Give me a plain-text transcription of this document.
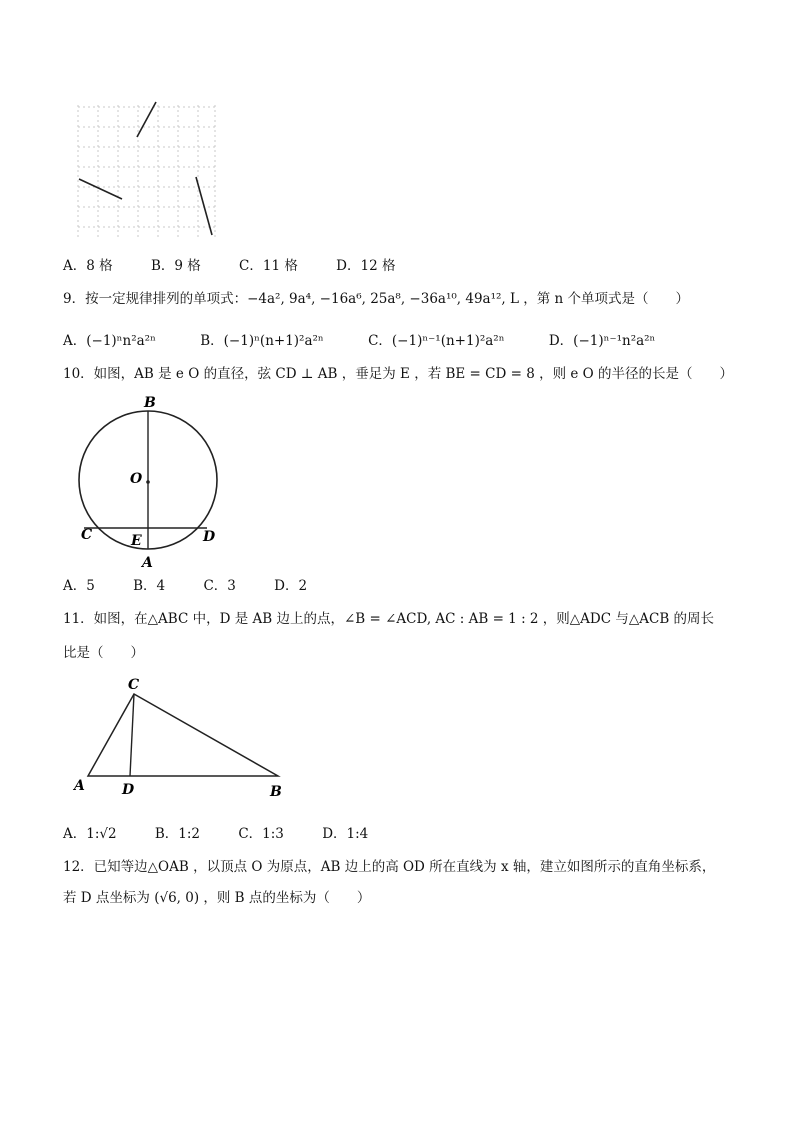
A．8 格	B．9 格	C．11 格	D．12 格
9．按一定规律排列的单项式：−4a², 9a⁴, −16a⁶, 25a⁸, −36a¹⁰, 49a¹², L ，第 n 个单项式是（　　）
A．(−1)ⁿn²a²ⁿ	B．(−1)ⁿ(n+1)²a²ⁿ	C．(−1)ⁿ⁻¹(n+1)²a²ⁿ	D．(−1)ⁿ⁻¹n²a²ⁿ
10．如图，AB 是 e O 的直径，弦 CD ⊥ AB ，垂足为 E ，若 BE = CD = 8 ，则 e O 的半径的长是（　　）
B
O
C	E	D
A
A．5	B．4	C．3	D．2
11．如图，在△ABC 中，D 是 AB 边上的点，∠B = ∠ACD, AC : AB = 1 : 2 ，则△ADC 与△ACB 的周长
比是（　　）
C
A	D	B
A．1:√2	B．1:2	C．1:3	D．1:4
12．已知等边△OAB ，以顶点 O 为原点，AB 边上的高 OD 所在直线为 x 轴，建立如图所示的直角坐标系，
若 D 点坐标为 (√6, 0) ，则 B 点的坐标为（　　）
